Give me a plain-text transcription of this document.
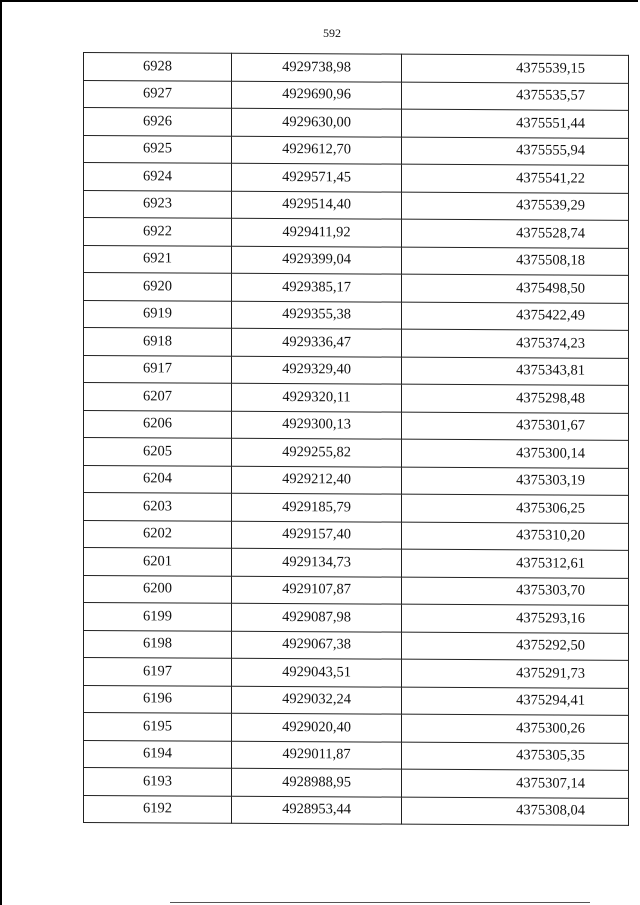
592
6928	4929738,98	4375539,15
6927	4929690,96	4375535,57
6926	4929630,00	4375551,44
6925	4929612,70	4375555,94
6924	4929571,45	4375541,22
6923	4929514,40	4375539,29
6922	4929411,92	4375528,74
6921	4929399,04	4375508,18
6920	4929385,17	4375498,50
6919	4929355,38	4375422,49
6918	4929336,47	4375374,23
6917	4929329,40	4375343,81
6207	4929320,11	4375298,48
6206	4929300,13	4375301,67
6205	4929255,82	4375300,14
6204	4929212,40	4375303,19
6203	4929185,79	4375306,25
6202	4929157,40	4375310,20
6201	4929134,73	4375312,61
6200	4929107,87	4375303,70
6199	4929087,98	4375293,16
6198	4929067,38	4375292,50
6197	4929043,51	4375291,73
6196	4929032,24	4375294,41
6195	4929020,40	4375300,26
6194	4929011,87	4375305,35
6193	4928988,95	4375307,14
6192	4928953,44	4375308,04
